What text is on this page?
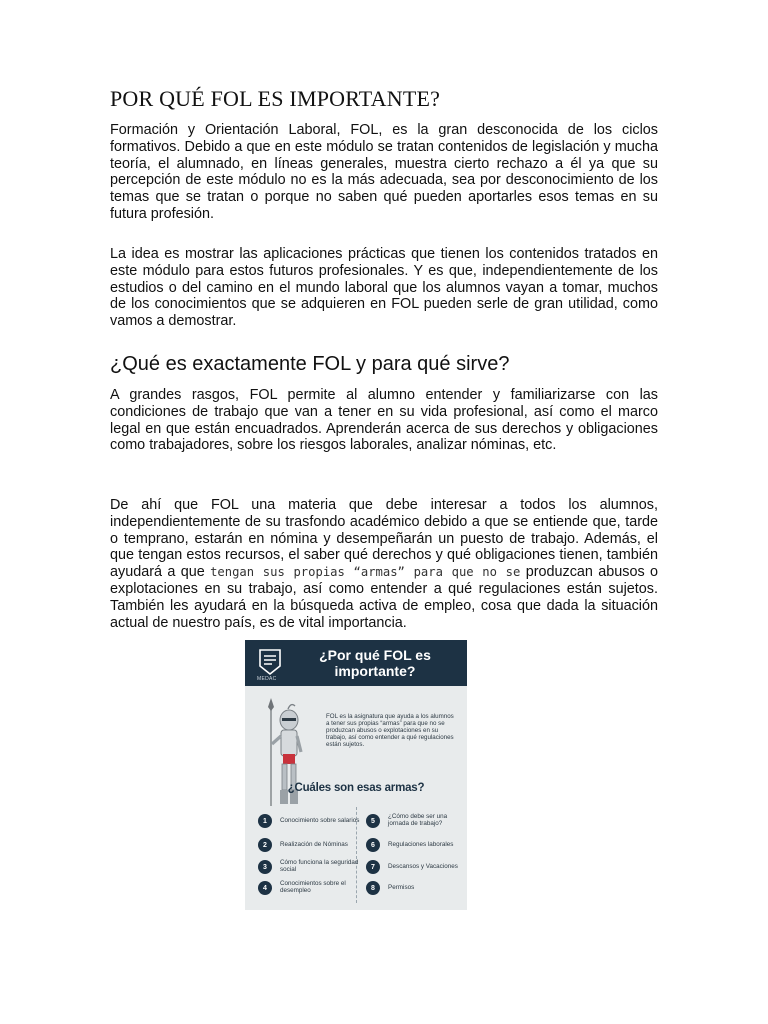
POR QUÉ FOL ES IMPORTANTE?

Formación y Orientación Laboral, FOL, es la gran desconocida de los ciclos formativos. Debido a que en este módulo se tratan contenidos de legislación y mucha teoría, el alumnado, en líneas generales, muestra cierto rechazo a él ya que su percepción de este módulo no es la más adecuada, sea por desconocimiento de los temas que se tratan o porque no saben qué pueden aportarles esos temas en su futura profesión.

La idea es mostrar las aplicaciones prácticas que tienen los contenidos tratados en este módulo para estos futuros profesionales. Y es que, independientemente de los estudios o del camino en el mundo laboral que los alumnos vayan a tomar, muchos de los conocimientos que se adquieren en FOL pueden serle de gran utilidad, como vamos a demostrar.

¿Qué es exactamente FOL y para qué sirve?

A grandes rasgos, FOL permite al alumno entender y familiarizarse con las condiciones de trabajo que van a tener en su vida profesional, así como el marco legal en que están encuadrados. Aprenderán acerca de sus derechos y obligaciones como trabajadores, sobre los riesgos laborales, analizar nóminas, etc.

De ahí que FOL una materia que debe interesar a todos los alumnos, independientemente de su trasfondo académico debido a que se entiende que, tarde o temprano, estarán en nómina y desempeñarán un puesto de trabajo. Además, el que tengan estos recursos, el saber qué derechos y qué obligaciones tienen, también ayudará a que tengan sus propias “armas” para que no se produzcan abusos o explotaciones en su trabajo, así como entender a qué regulaciones están sujetos. También les ayudará en la búsqueda activa de empleo, cosa que dada la situación actual de nuestro país, es de vital importancia.

MEDAC
¿Por qué FOL es importante?

FOL es la asignatura que ayuda a los alumnos a tener sus propias “armas” para que no se produzcan abusos o explotaciones en su trabajo, así como entender a qué regulaciones están sujetos.

¿Cuáles son esas armas?
1	Conocimiento sobre salarios
2	Realización de Nóminas
3
Cómo funciona la seguridad social
4
Conocimientos sobre el desempleo
5
¿Cómo debe ser una jornada de trabajo?
6	Regulaciones laborales
7	Descansos y Vacaciones
8	Permisos
